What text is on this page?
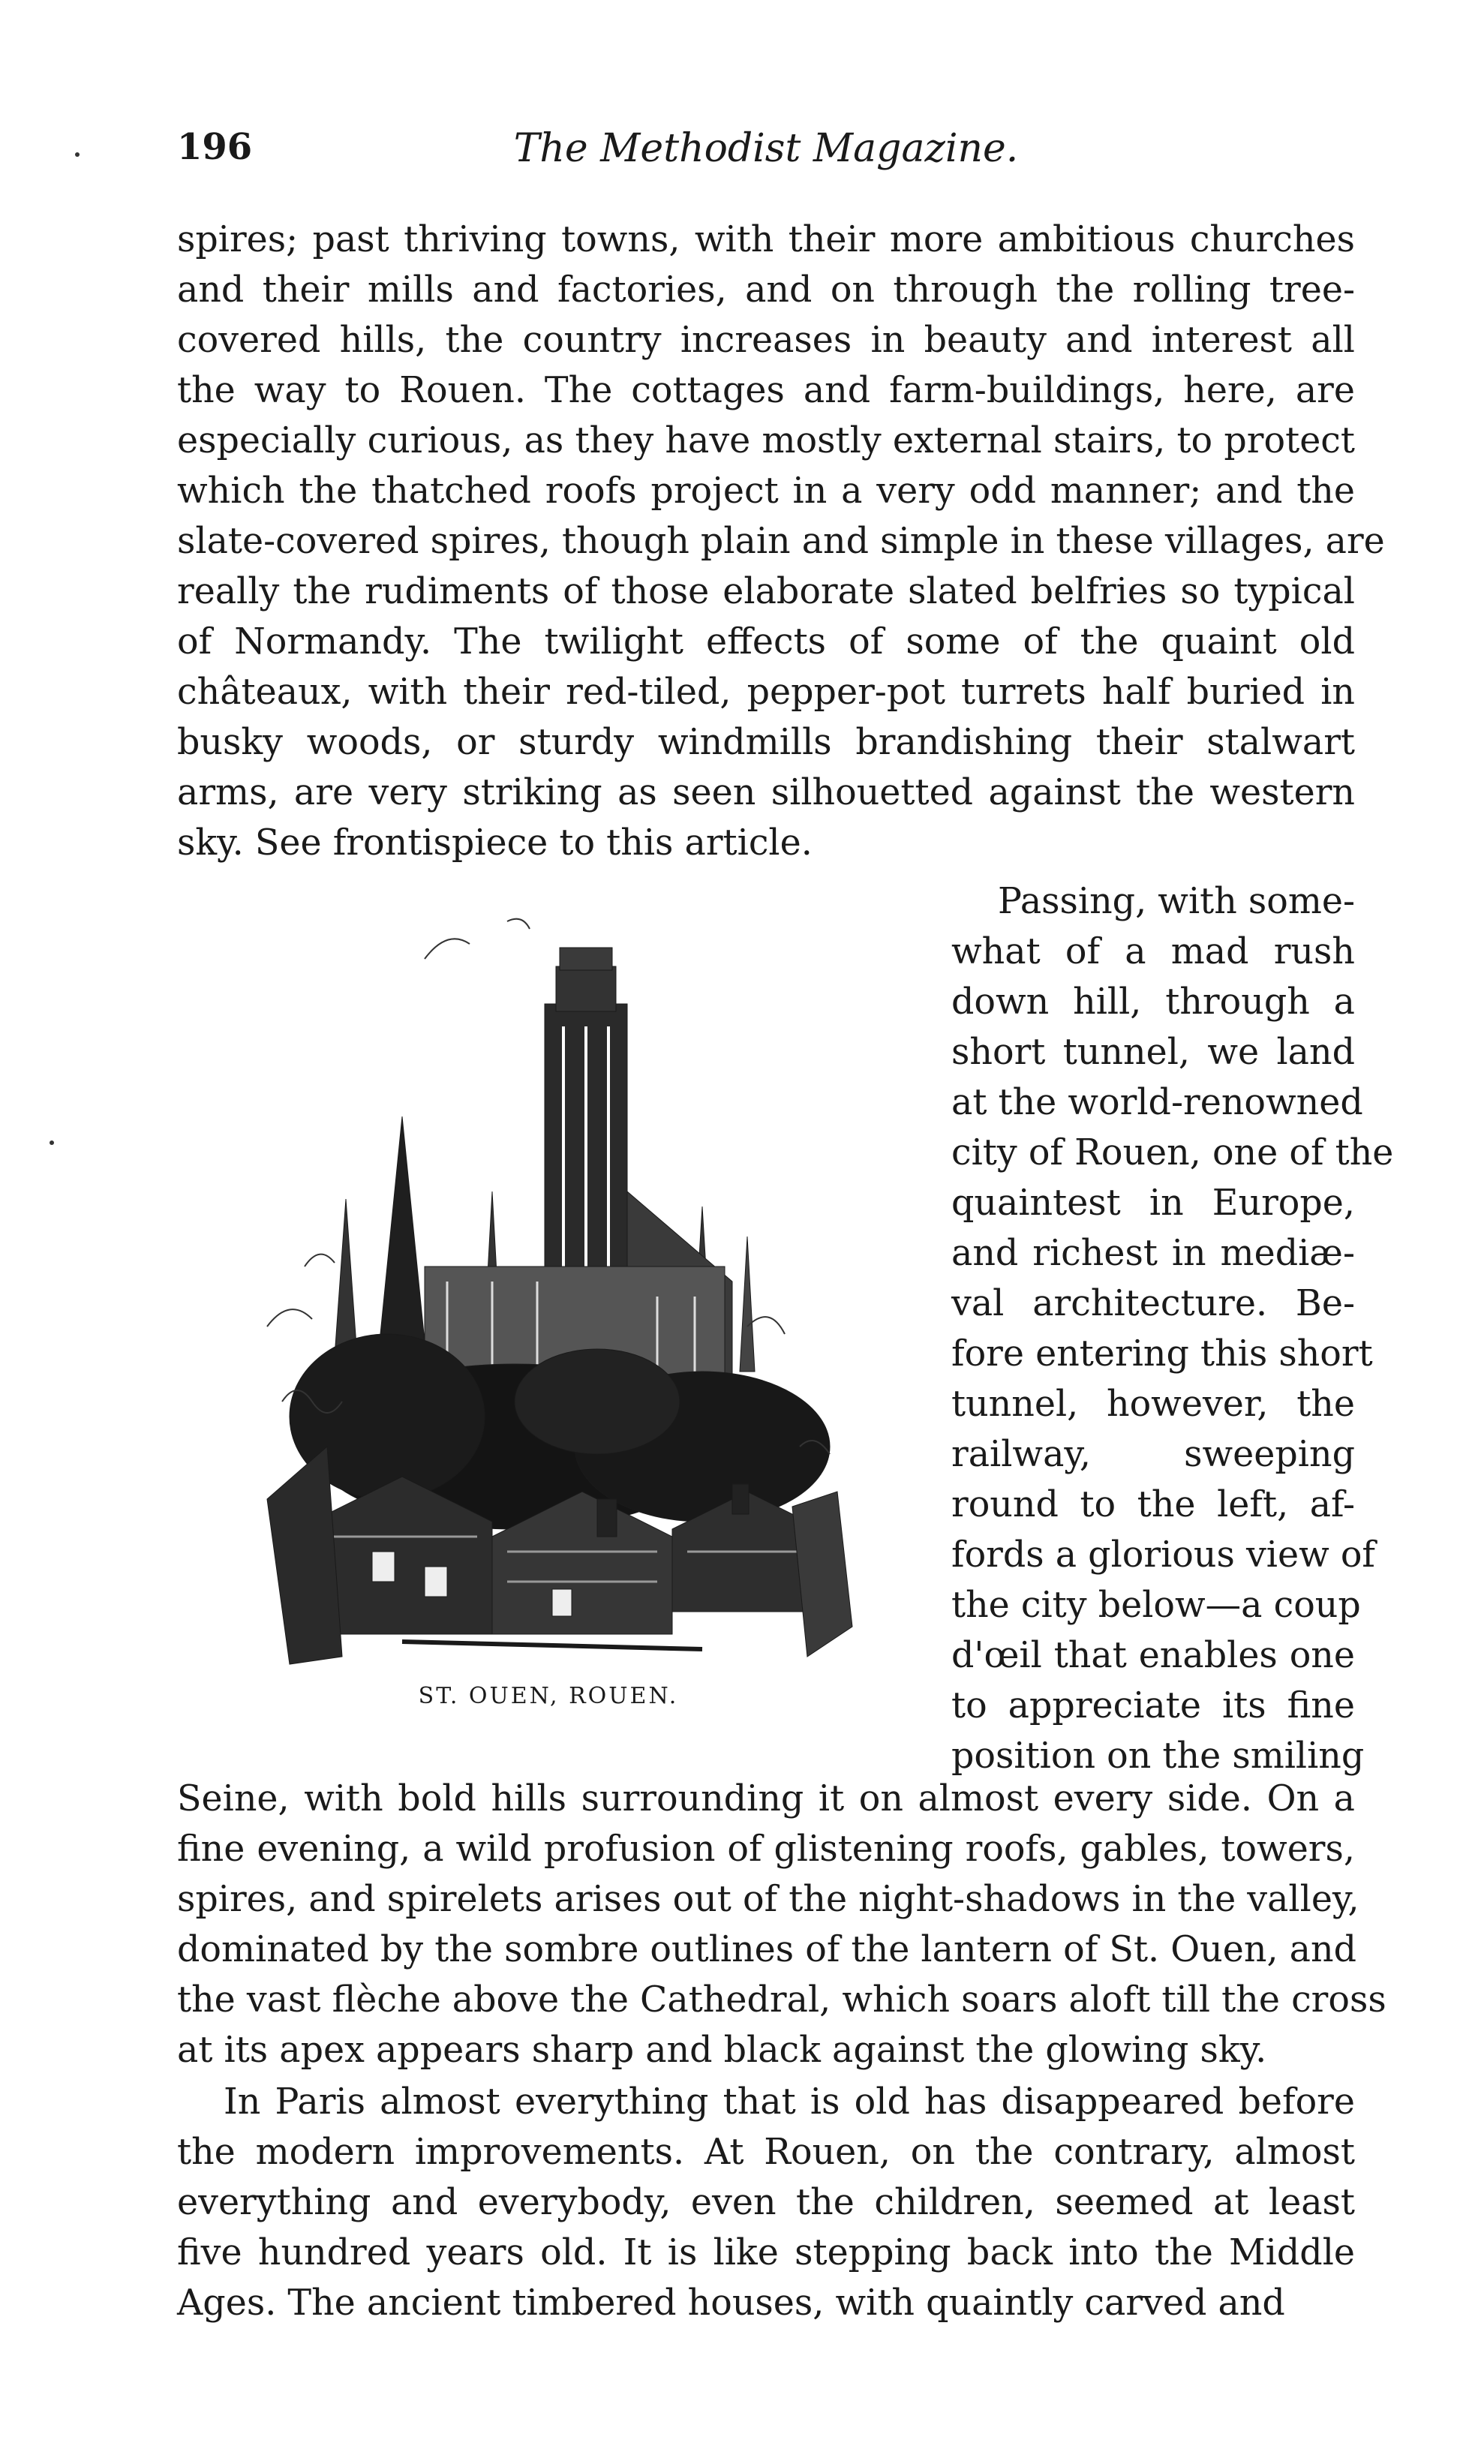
196	The Methodist Magazine.
spires; past thriving towns, with their more ambitious churches
and their mills and factories, and on through the rolling tree-
covered hills, the country increases in beauty and interest all
the way to Rouen. The cottages and farm-buildings, here, are
especially curious, as they have mostly external stairs, to protect
which the thatched roofs project in a very odd manner; and the
slate-covered spires, though plain and simple in these villages, are
really the rudiments of those elaborate slated belfries so typical
of Normandy. The twilight effects of some of the quaint old
châteaux, with their red-tiled, pepper-pot turrets half buried in
busky woods, or sturdy windmills brandishing their stalwart
arms, are very striking as seen silhouetted against the western
sky. See frontispiece to this article.
ST. OUEN, ROUEN.
Passing, with some-
what of a mad rush
down hill, through a
short tunnel, we land
at the world-renowned
city of Rouen, one of the
quaintest in Europe,
and richest in mediæ-
val architecture. Be-
fore entering this short
tunnel, however, the
railway, sweeping
round to the left, af-
fords a glorious view of
the city below—a coup
d'œil that enables one
to appreciate its fine
position on the smiling
Seine, with bold hills surrounding it on almost every side. On a
fine evening, a wild profusion of glistening roofs, gables, towers,
spires, and spirelets arises out of the night-shadows in the valley,
dominated by the sombre outlines of the lantern of St. Ouen, and
the vast flèche above the Cathedral, which soars aloft till the cross
at its apex appears sharp and black against the glowing sky.
In Paris almost everything that is old has disappeared before
the modern improvements. At Rouen, on the contrary, almost
everything and everybody, even the children, seemed at least
five hundred years old. It is like stepping back into the Middle
Ages. The ancient timbered houses, with quaintly carved and
